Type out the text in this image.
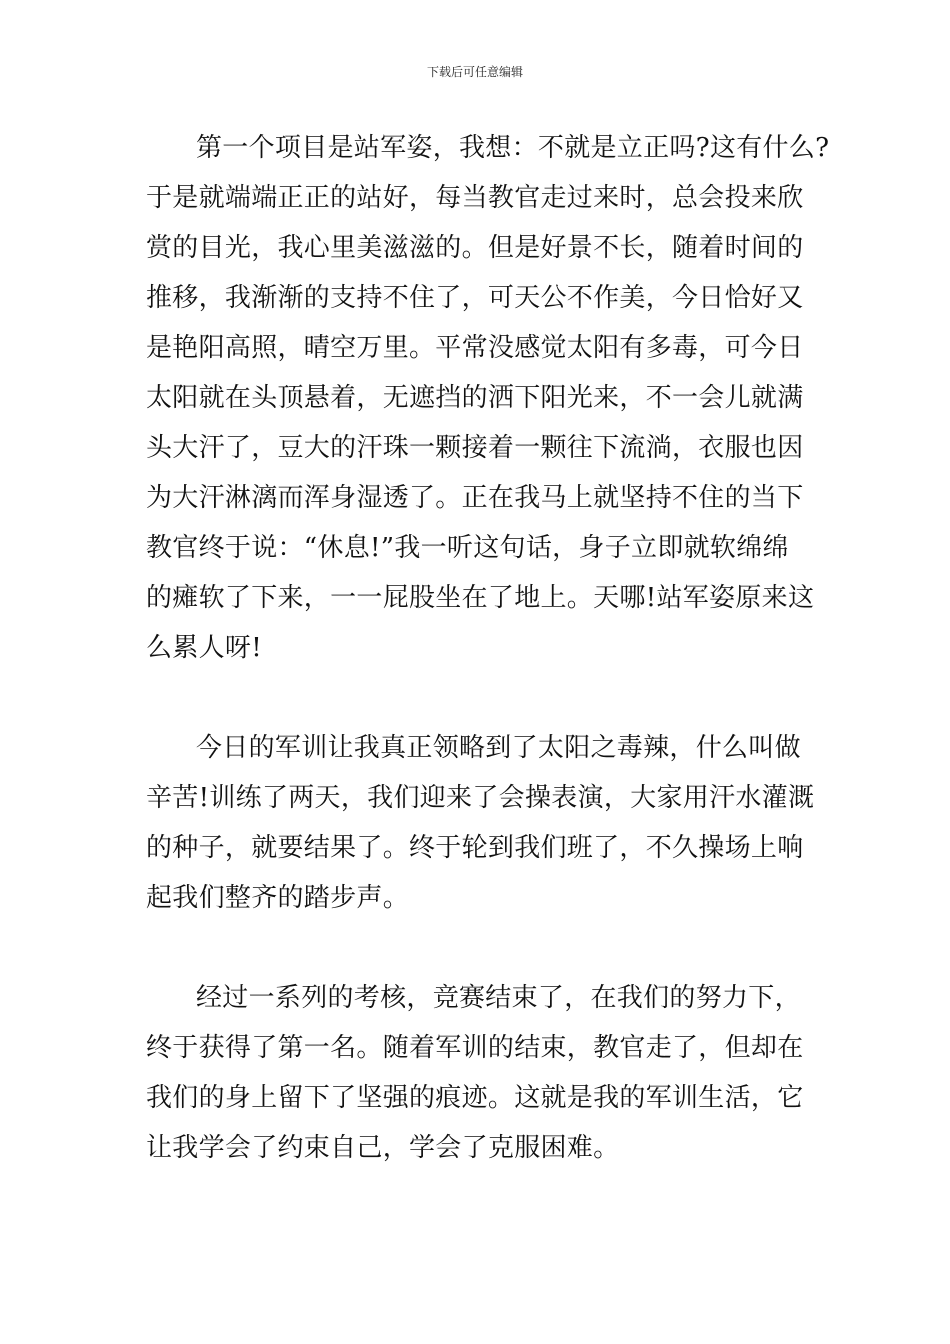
下载后可任意编辑
第一个项目是站军姿，我想：不就是立正吗?这有什么?
于是就端端正正的站好，每当教官走过来时，总会投来欣
赏的目光，我心里美滋滋的。但是好景不长，随着时间的
推移，我渐渐的支持不住了，可天公不作美，今日恰好又
是艳阳高照，晴空万里。平常没感觉太阳有多毒，可今日
太阳就在头顶悬着，无遮挡的洒下阳光来，不一会儿就满
头大汗了，豆大的汗珠一颗接着一颗往下流淌，衣服也因
为大汗淋漓而浑身湿透了。正在我马上就坚持不住的当下
教官终于说：“休息!”我一听这句话，身子立即就软绵绵
的瘫软了下来，一一屁股坐在了地上。天哪!站军姿原来这
么累人呀!
今日的军训让我真正领略到了太阳之毒辣，什么叫做
辛苦!训练了两天，我们迎来了会操表演，大家用汗水灌溉
的种子，就要结果了。终于轮到我们班了，不久操场上响
起我们整齐的踏步声。
经过一系列的考核，竞赛结束了，在我们的努力下，
终于获得了第一名。随着军训的结束，教官走了，但却在
我们的身上留下了坚强的痕迹。这就是我的军训生活，它
让我学会了约束自己，学会了克服困难。
